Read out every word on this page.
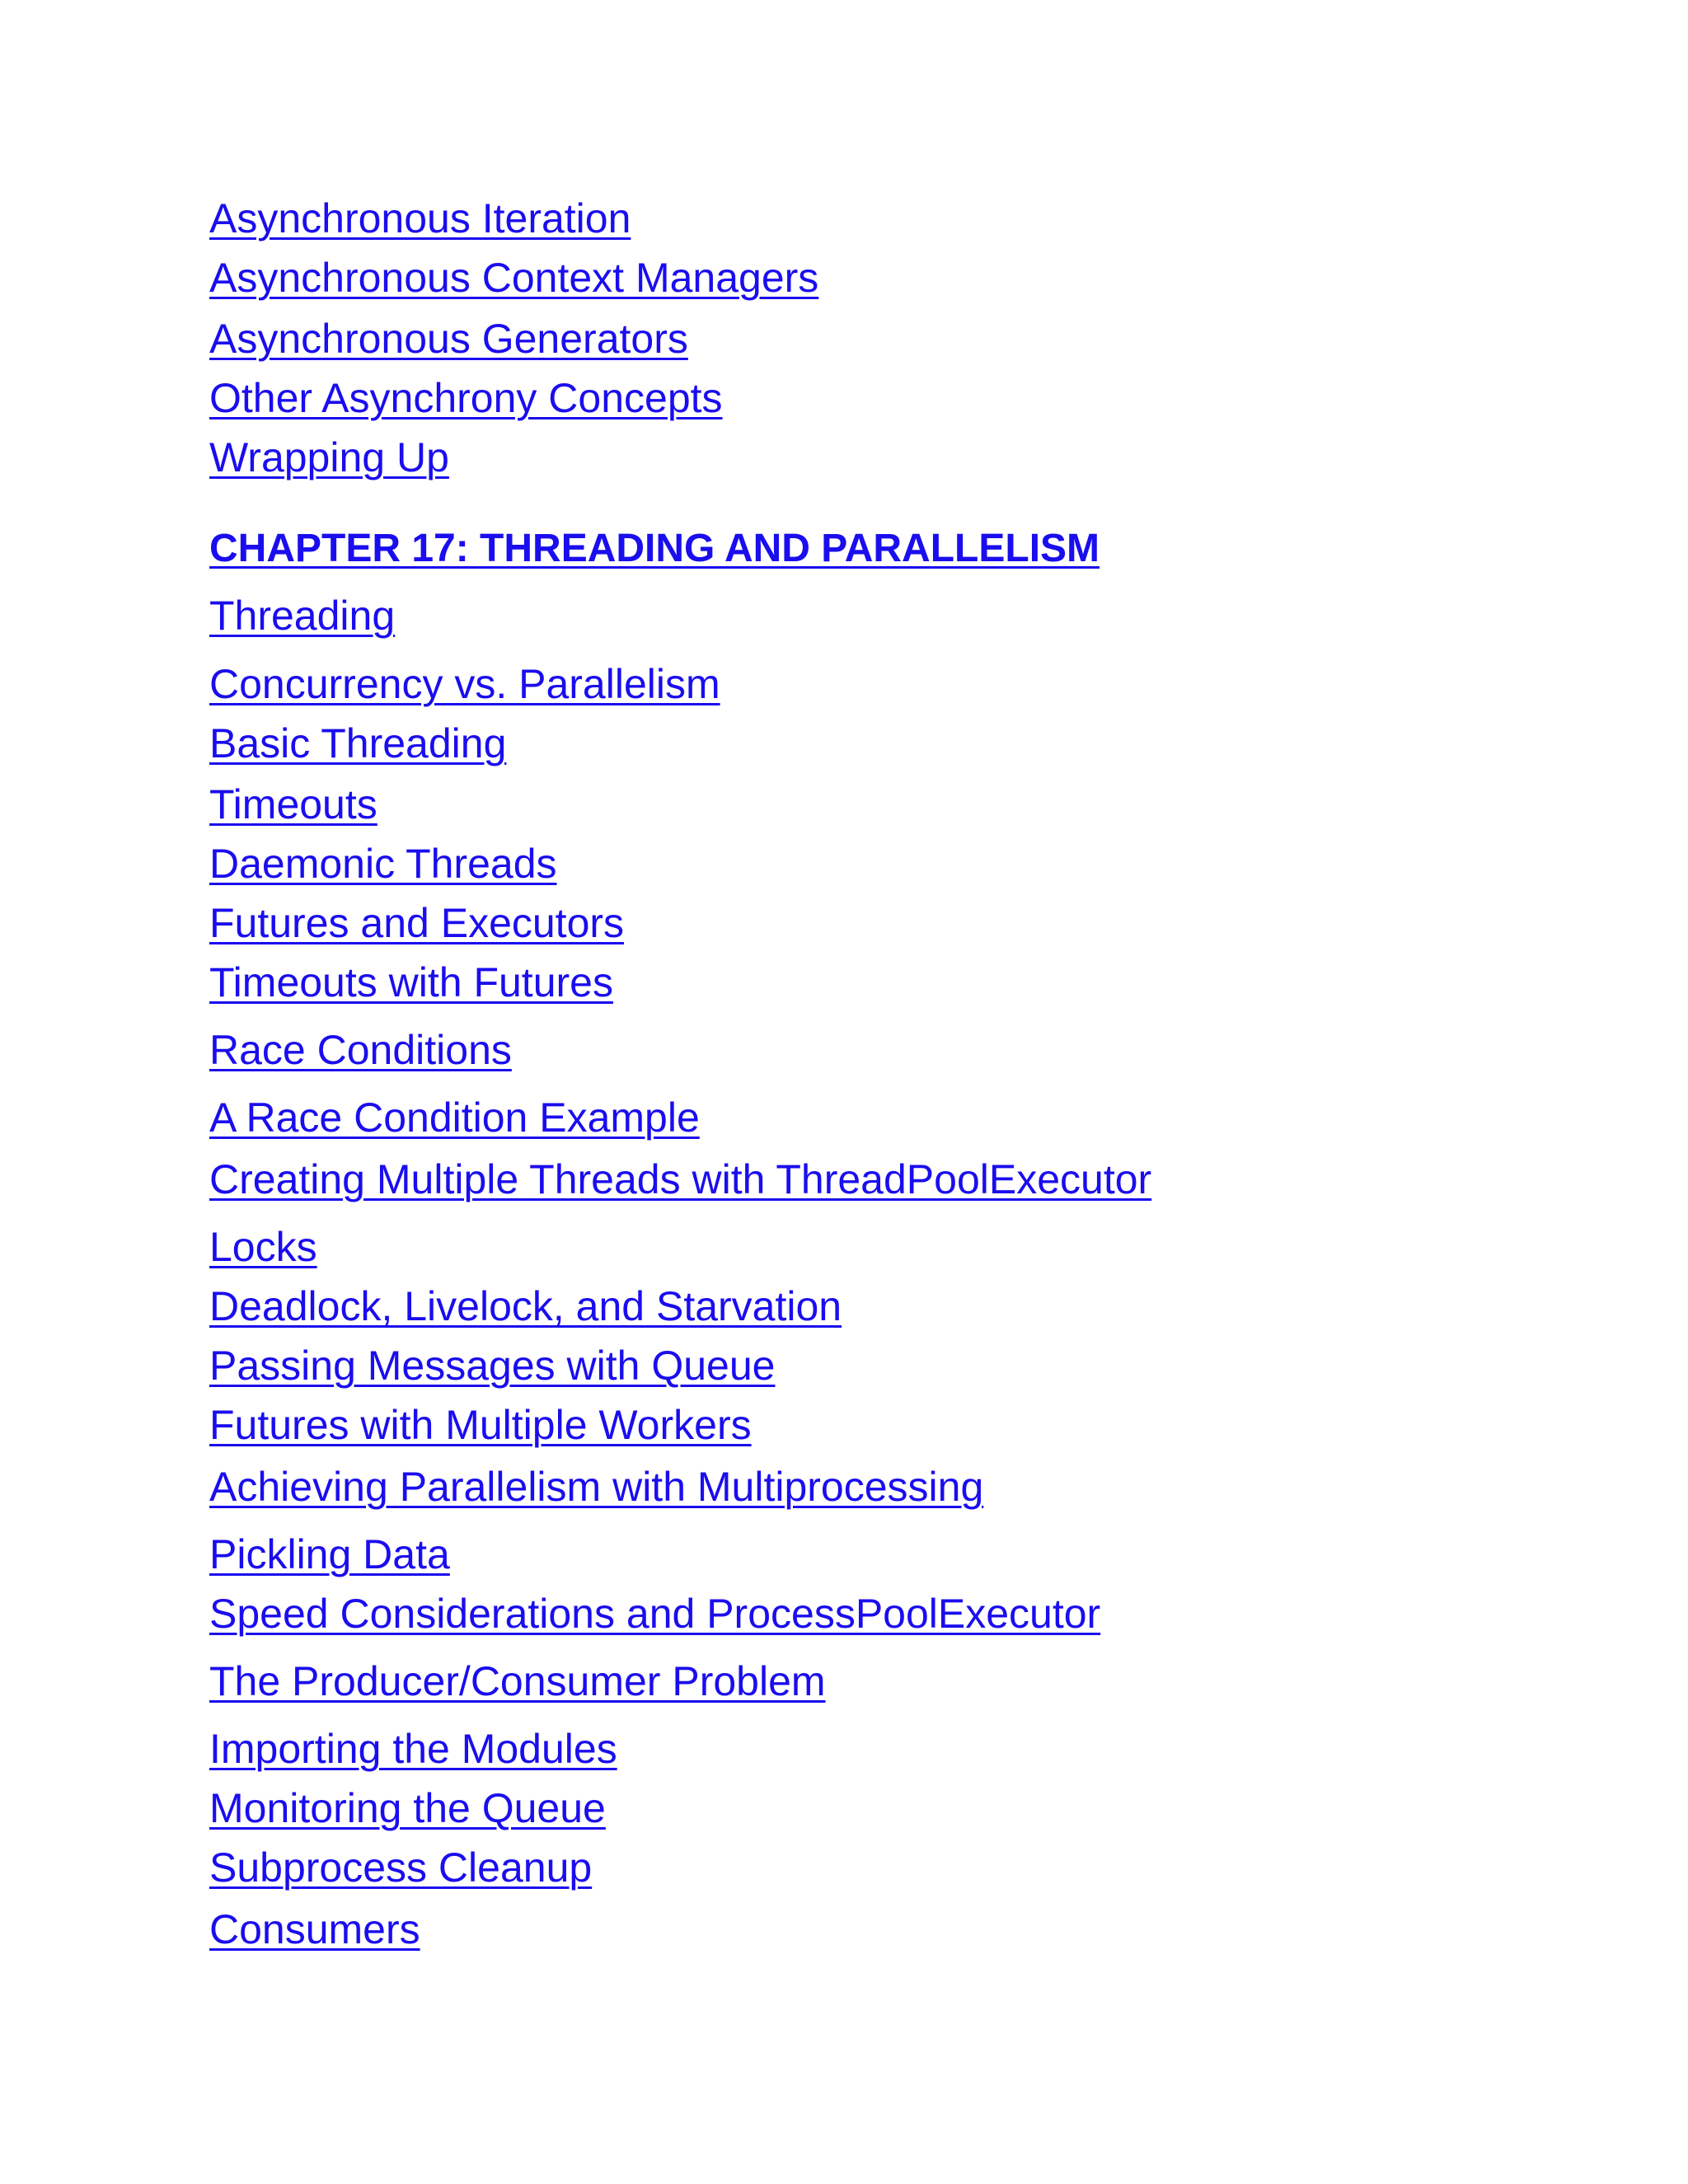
Asynchronous Iteration
Asynchronous Context Managers
Asynchronous Generators
Other Asynchrony Concepts
Wrapping Up
CHAPTER 17: THREADING AND PARALLELISM
Threading
Concurrency vs. Parallelism
Basic Threading
Timeouts
Daemonic Threads
Futures and Executors
Timeouts with Futures
Race Conditions
A Race Condition Example
Creating Multiple Threads with ThreadPoolExecutor
Locks
Deadlock, Livelock, and Starvation
Passing Messages with Queue
Futures with Multiple Workers
Achieving Parallelism with Multiprocessing
Pickling Data
Speed Considerations and ProcessPoolExecutor
The Producer/Consumer Problem
Importing the Modules
Monitoring the Queue
Subprocess Cleanup
Consumers
